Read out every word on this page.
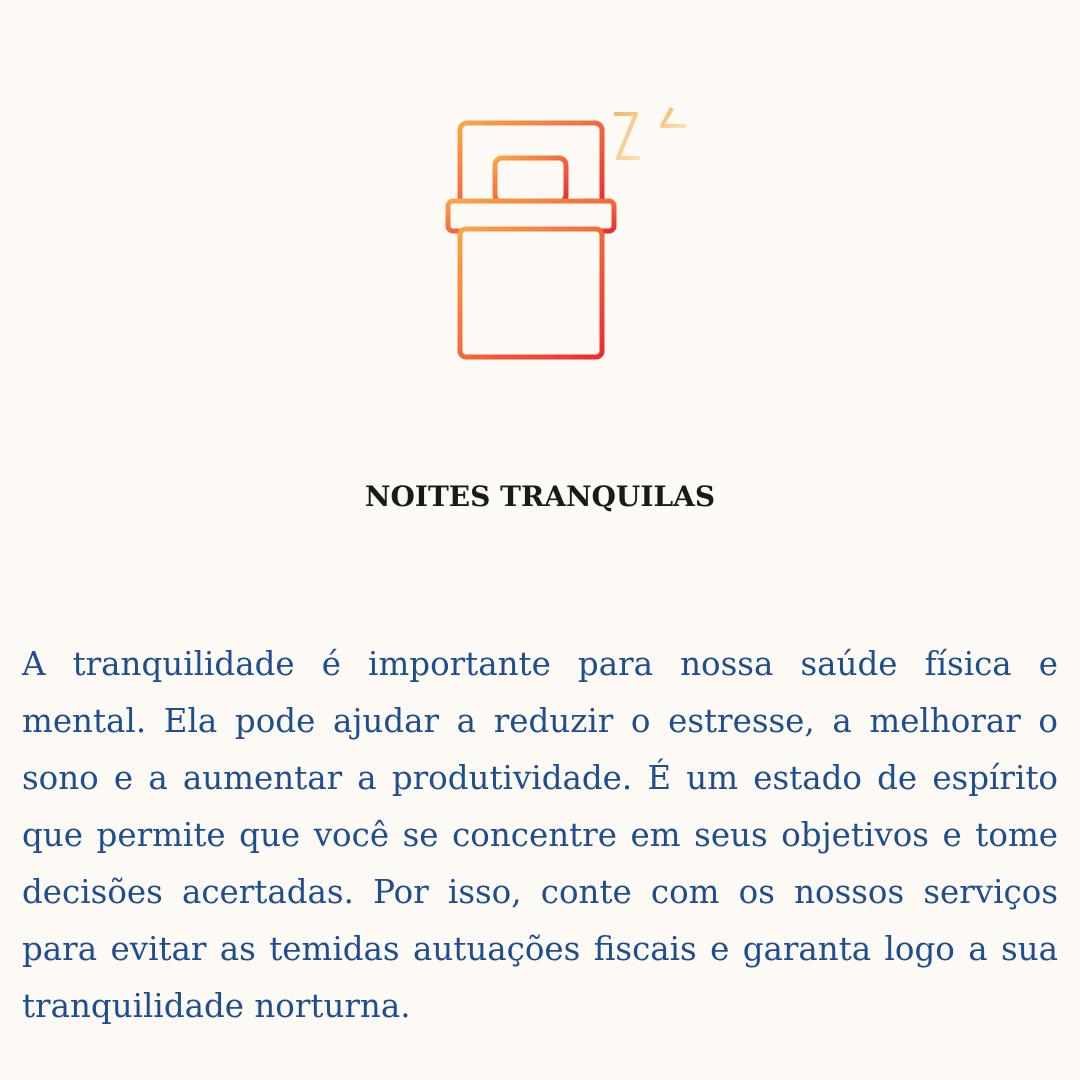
NOITES TRANQUILAS

A tranquilidade é importante para nossa saúde física e mental. Ela pode ajudar a reduzir o estresse, a melhorar o sono e a aumentar a produtividade. É um estado de espírito que permite que você se concentre em seus objetivos e tome decisões acertadas. Por isso, conte com os nossos serviços para evitar as temidas autuações fiscais e garanta logo a sua tranquilidade norturna.
